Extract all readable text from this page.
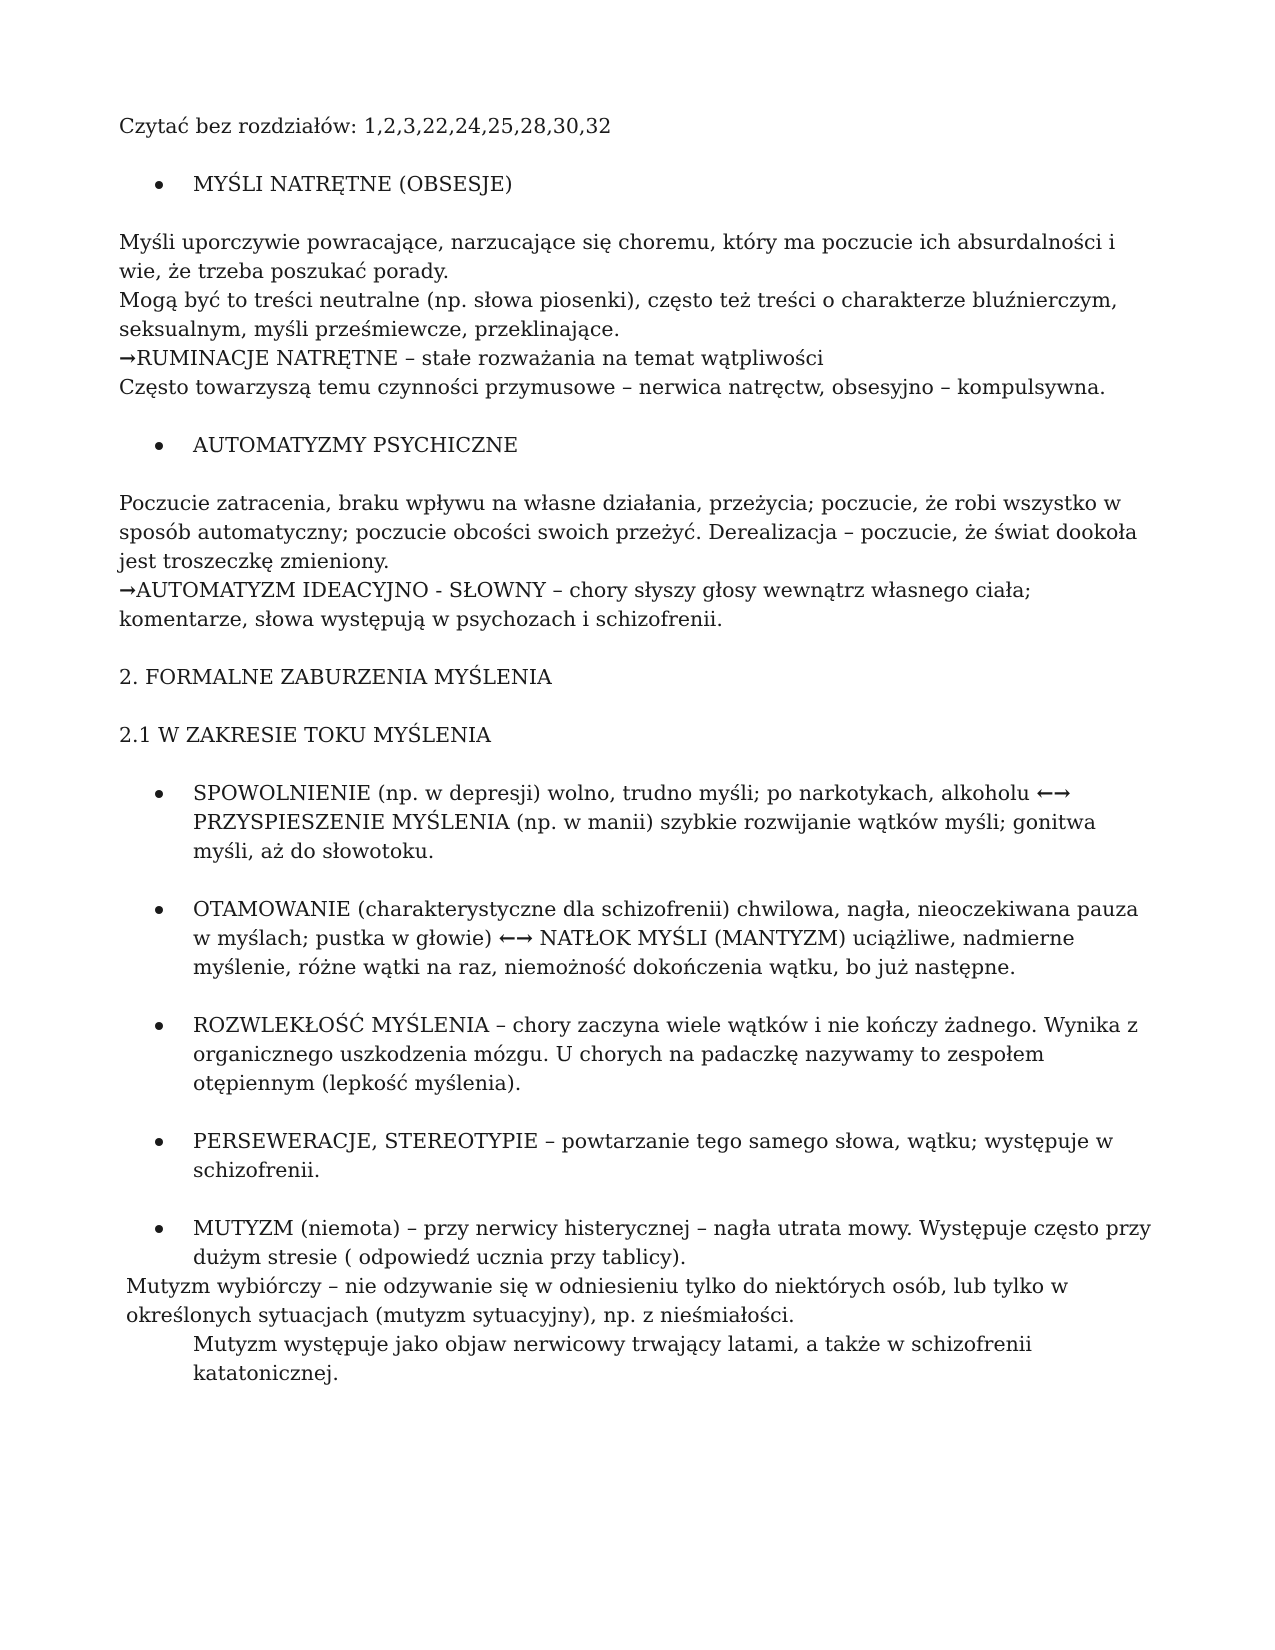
Czytać bez rozdziałów: 1,2,3,22,24,25,28,30,32

MYŚLI NATRĘTNE (OBSESJE)

Myśli uporczywie powracające, narzucające się choremu, który ma poczucie ich absurdalności i wie, że trzeba poszukać porady.

Mogą być to treści neutralne (np. słowa piosenki), często też treści o charakterze bluźnierczym, seksualnym, myśli prześmiewcze, przeklinające.

→RUMINACJE NATRĘTNE – stałe rozważania na temat wątpliwości

Często towarzyszą temu czynności przymusowe – nerwica natręctw, obsesyjno – kompulsywna.

AUTOMATYZMY PSYCHICZNE

Poczucie zatracenia, braku wpływu na własne działania, przeżycia; poczucie, że robi wszystko w sposób automatyczny; poczucie obcości swoich przeżyć. Derealizacja – poczucie, że świat dookoła jest troszeczkę zmieniony.

→AUTOMATYZM IDEACYJNO - SŁOWNY – chory słyszy głosy wewnątrz własnego ciała; komentarze, słowa występują w psychozach i schizofrenii.

2. FORMALNE ZABURZENIA MYŚLENIA

2.1 W ZAKRESIE TOKU MYŚLENIA

SPOWOLNIENIE (np. w depresji) wolno, trudno myśli; po narkotykach, alkoholu ←→ PRZYSPIESZENIE MYŚLENIA (np. w manii) szybkie rozwijanie wątków myśli; gonitwa myśli, aż do słowotoku.
OTAMOWANIE (charakterystyczne dla schizofrenii) chwilowa, nagła, nieoczekiwana pauza w myślach; pustka w głowie) ←→ NATŁOK MYŚLI (MANTYZM) uciążliwe, nadmierne myślenie, różne wątki na raz, niemożność dokończenia wątku, bo już następne.
ROZWLEKŁOŚĆ MYŚLENIA – chory zaczyna wiele wątków i nie kończy żadnego. Wynika z organicznego uszkodzenia mózgu. U chorych na padaczkę nazywamy to zespołem otępiennym (lepkość myślenia).
PERSEWERACJE, STEREOTYPIE – powtarzanie tego samego słowa, wątku; występuje w schizofrenii.
MUTYZM (niemota) – przy nerwicy histerycznej – nagła utrata mowy. Występuje często przy dużym stresie ( odpowiedź ucznia przy tablicy).

Mutyzm wybiórczy – nie odzywanie się w odniesieniu tylko do niektórych osób, lub tylko w określonych sytuacjach (mutyzm sytuacyjny), np. z nieśmiałości.

Mutyzm występuje jako objaw nerwicowy trwający latami, a także w schizofrenii katatonicznej.
